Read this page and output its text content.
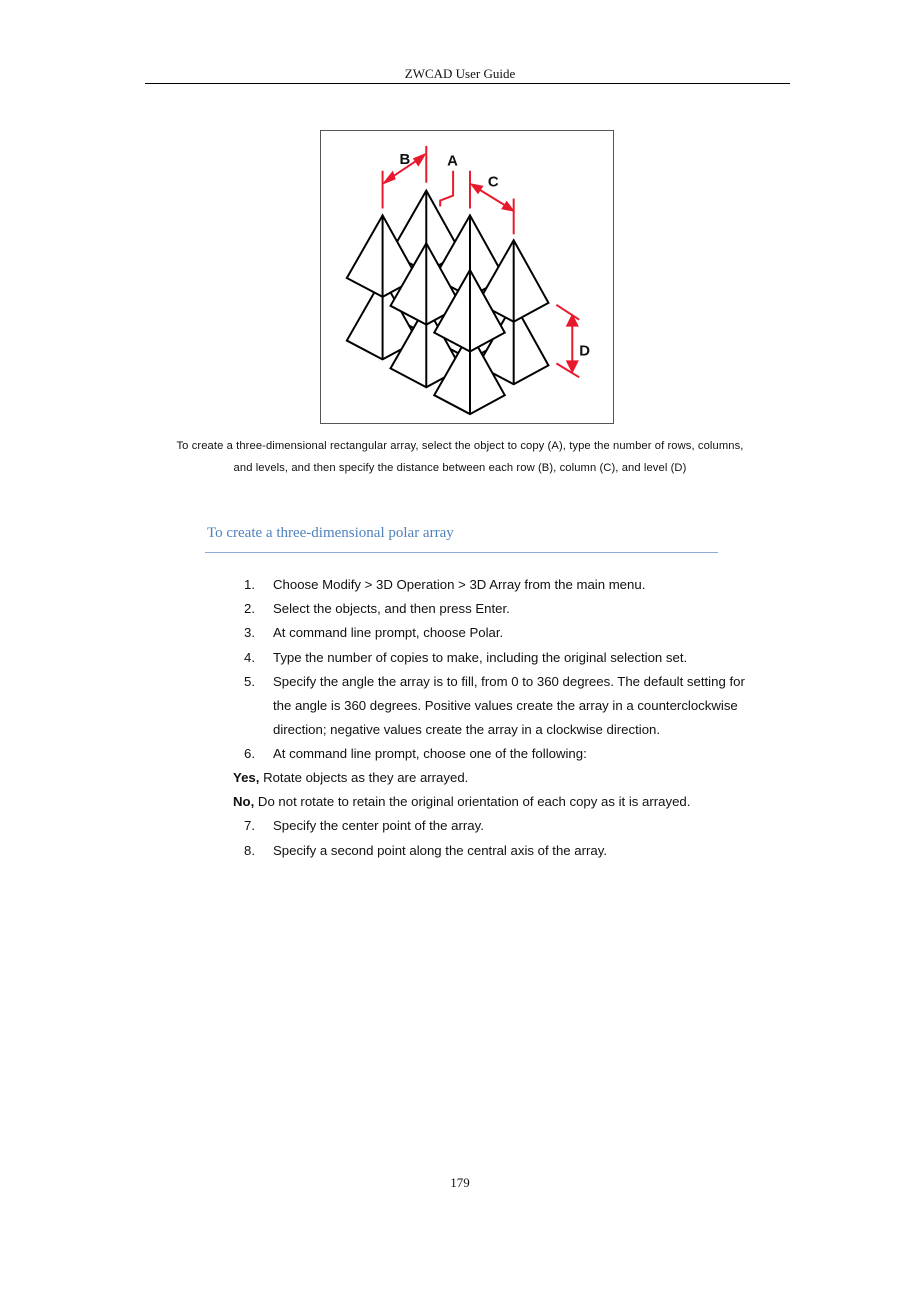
ZWCAD User Guide
B A
C
D
To create a three-dimensional rectangular array, select the object to copy (A), type the number of rows, columns,
and levels, and then specify the distance between each row (B), column (C), and level (D)
To create a three-dimensional polar array
1. Choose Modify > 3D Operation > 3D Array from the main menu.
2. Select the objects, and then press Enter.
3. At command line prompt, choose Polar.
4. Type the number of copies to make, including the original selection set.
5. Specify the angle the array is to fill, from 0 to 360 degrees. The default setting for
the angle is 360 degrees. Positive values create the array in a counterclockwise
direction; negative values create the array in a clockwise direction.
6. At command line prompt, choose one of the following:
Yes, Rotate objects as they are arrayed.
No, Do not rotate to retain the original orientation of each copy as it is arrayed.
7. Specify the center point of the array.
8. Specify a second point along the central axis of the array.
179
